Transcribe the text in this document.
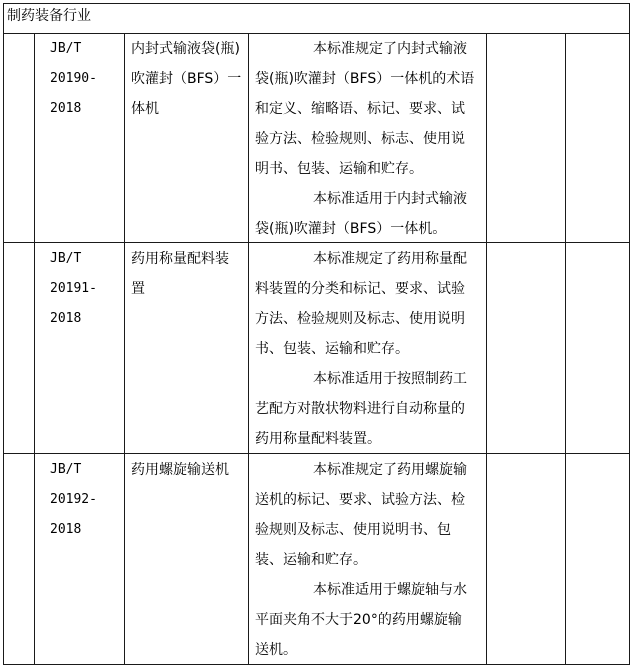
制药装备行业
JB/T
20190-
2018
内封式输液袋(瓶)
吹灌封（BFS）一
体机
本标准规定了内封式输液
袋(瓶)吹灌封（BFS）一体机的术语
和定义、缩略语、标记、要求、试
验方法、检验规则、标志、使用说
明书、包装、运输和贮存。
本标准适用于内封式输液
袋(瓶)吹灌封（BFS）一体机。
JB/T
20191-
2018
药用称量配料装
置
本标准规定了药用称量配
料装置的分类和标记、要求、试验
方法、检验规则及标志、使用说明
书、包装、运输和贮存。
本标准适用于按照制药工
艺配方对散状物料进行自动称量的
药用称量配料装置。
JB/T
20192-
2018
药用螺旋输送机	本标准规定了药用螺旋输
送机的标记、要求、试验方法、检
验规则及标志、使用说明书、包
装、运输和贮存。
本标准适用于螺旋轴与水
平面夹角不大于20°的药用螺旋输
送机。
